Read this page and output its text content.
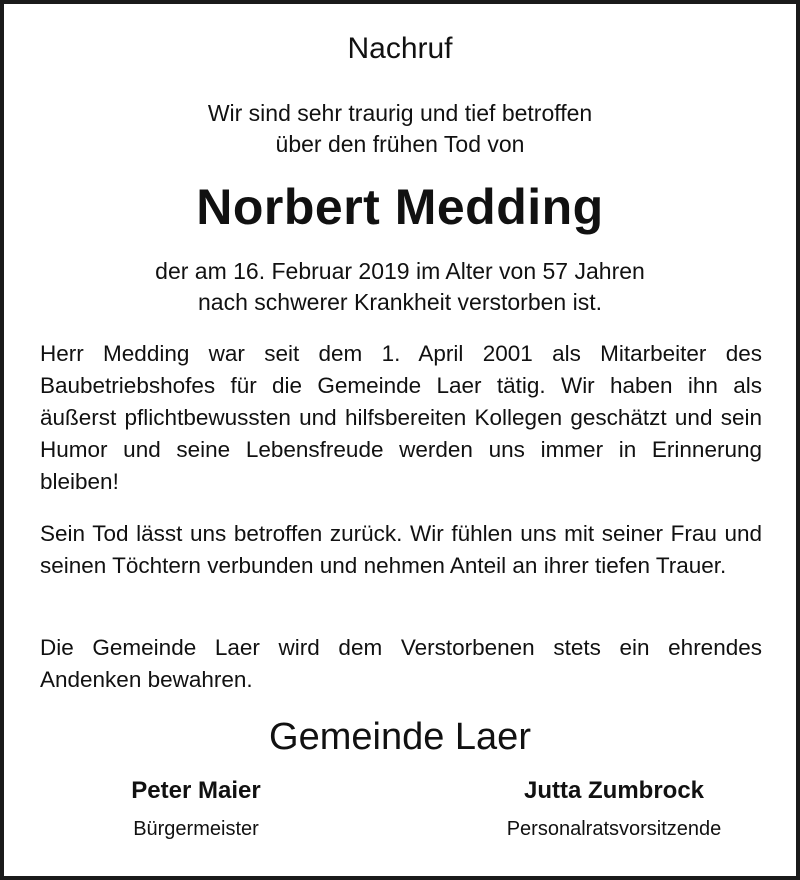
Nachruf
Wir sind sehr traurig und tief betroffen
über den frühen Tod von
Norbert Medding
der am 16. Februar 2019 im Alter von 57 Jahren
nach schwerer Krankheit verstorben ist.
Herr Medding war seit dem 1. April 2001 als Mitarbeiter des Baubetriebshofes für die Gemeinde Laer tätig. Wir haben ihn als äußerst pflichtbewussten und hilfsbereiten Kollegen geschätzt und sein Humor und seine Lebensfreude werden uns immer in Erinnerung bleiben!
Sein Tod lässt uns betroffen zurück. Wir fühlen uns mit seiner Frau und seinen Töchtern verbunden und nehmen Anteil an ihrer tiefen Trauer.
Die Gemeinde Laer wird dem Verstorbenen stets ein ehrendes Andenken bewahren.
Gemeinde Laer
Peter Maier
Bürgermeister
Jutta Zumbrock
Personalratsvorsitzende
